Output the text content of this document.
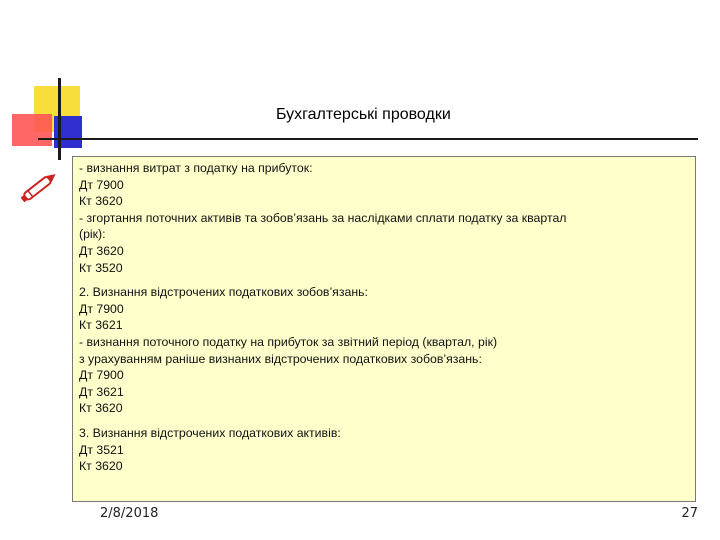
Бухгалтерські проводки
- визнання витрат з податку на прибуток:
Дт 7900
Кт 3620
- згортання поточних активів та зобов’язань за наслідками сплати податку за квартал
(рік):
Дт 3620
Кт 3520
2. Визнання відстрочених податкових зобов’язань:
Дт 7900
Кт 3621
- визнання поточного податку на прибуток за звітний період (квартал, рік)
з урахуванням раніше визнаних відстрочених податкових зобов’язань:
Дт 7900
Дт 3621
Кт 3620
3. Визнання відстрочених податкових активів:
Дт 3521
Кт 3620
2/8/2018	27
